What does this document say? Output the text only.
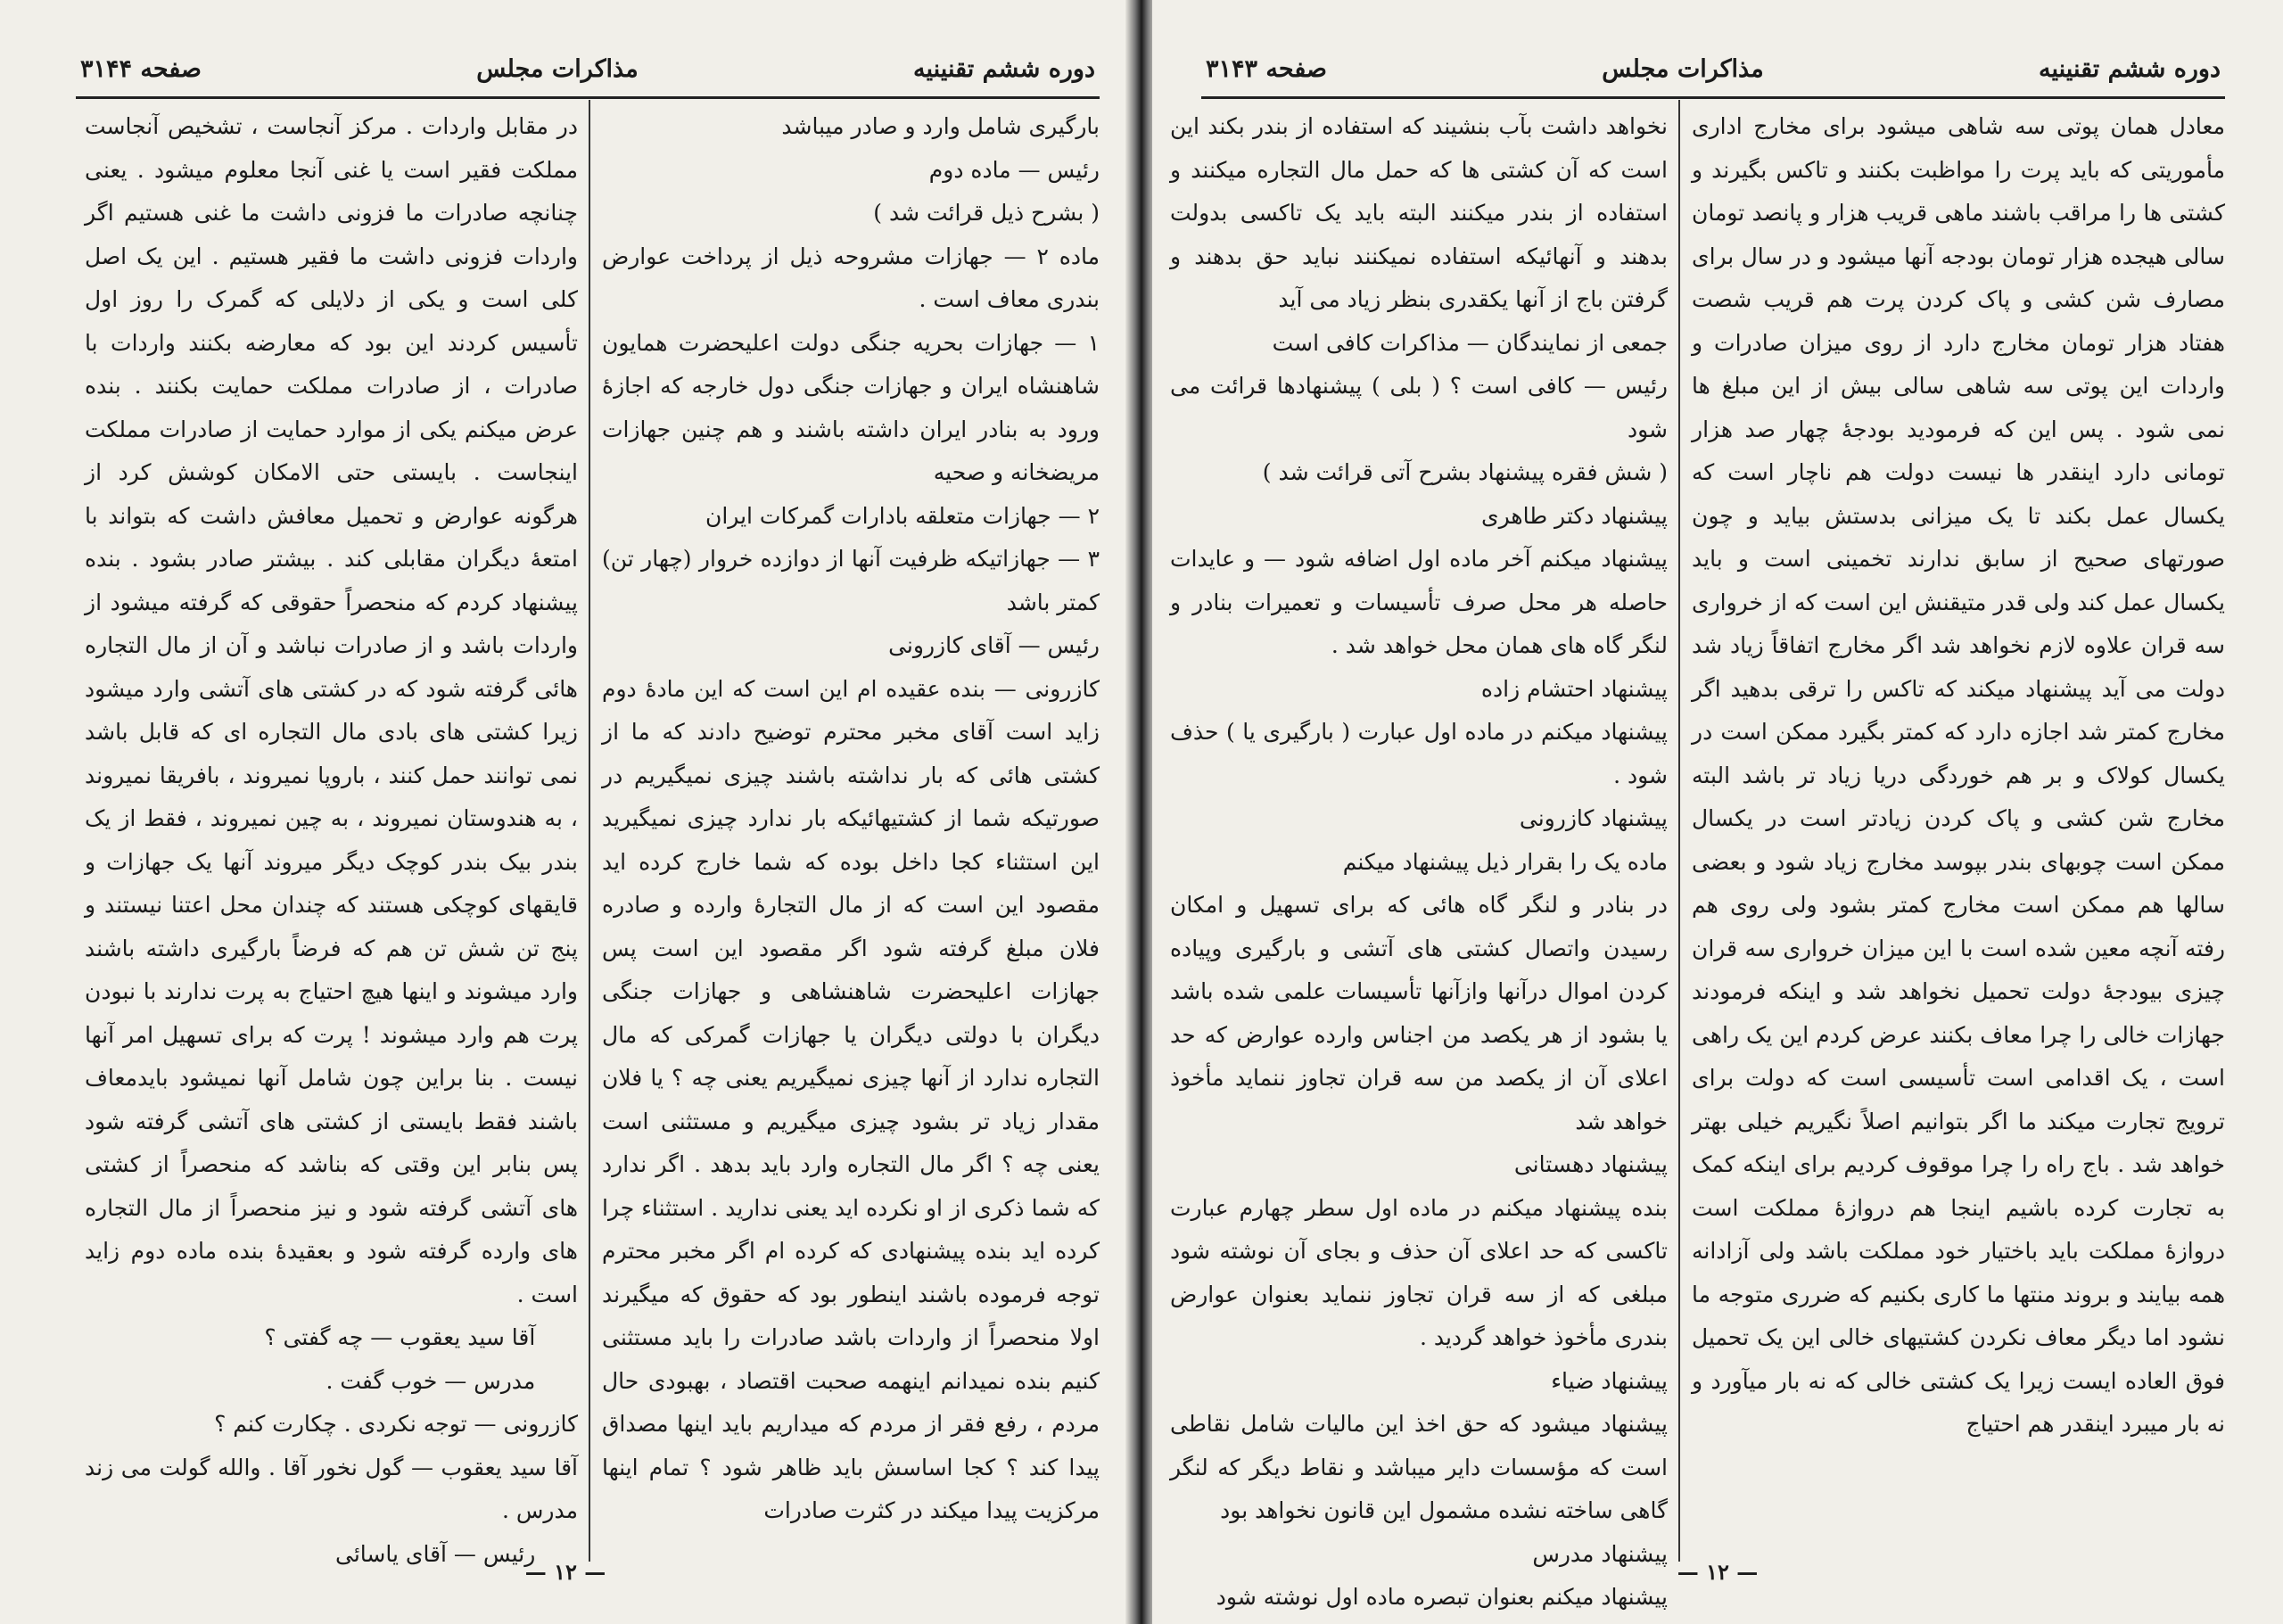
دوره ششم تقنینیه
مذاکرات مجلس
صفحه ۳۱۴۴
بارگیری شامل وارد و صادر میباشد
رئیس — ماده دوم
( بشرح ذیل قرائت شد )
ماده ۲ — جهازات مشروحه ذیل از پرداخت عوارض بندری معاف است .
۱ — جهازات بحریه جنگی دولت اعلیحضرت همایون شاهنشاه ایران و جهازات جنگی دول خارجه که اجازهٔ ورود به بنادر ایران داشته باشند و هم چنین جهازات مریضخانه و صحیه
۲ — جهازات متعلقه بادارات گمرکات ایران
۳ — جهازاتیکه ظرفیت آنها از دوازده خروار (چهار تن) کمتر باشد
رئیس — آقای کازرونی
کازرونی — بنده عقیده ام این است که این مادهٔ دوم زاید است آقای مخبر محترم توضیح دادند که ما از کشتی هائی که بار نداشته باشند چیزی نمیگیریم در صورتیکه شما از کشتیهائیکه بار ندارد چیزی نمیگیرید این استثناء کجا داخل بوده که شما خارج کرده اید مقصود این است که از مال التجارهٔ وارده و صادره فلان مبلغ گرفته شود اگر مقصود این است پس جهازات اعلیحضرت شاهنشاهی و جهازات جنگی دیگران با دولتی دیگران یا جهازات گمرکی که مال التجاره ندارد از آنها چیزی نمیگیریم یعنی چه ؟ یا فلان مقدار زیاد تر بشود چیزی میگیریم و مستثنی است یعنی چه ؟ اگر مال التجاره وارد باید بدهد . اگر ندارد که شما ذکری از او نکرده اید یعنی ندارید . استثناء چرا کرده اید بنده پیشنهادی که کرده ام اگر مخبر محترم توجه فرموده باشند اینطور بود که حقوق که میگیرند اولا منحصراً از واردات باشد صادرات را باید مستثنی کنیم بنده نمیدانم اینهمه صحبت اقتصاد ، بهبودی حال مردم ، رفع فقر از مردم که میداریم باید اینها مصداق پیدا کند ؟ کجا اساسش باید ظاهر شود ؟ تمام اینها مرکزیت پیدا میکند در کثرت صادرات
در مقابل واردات . مرکز آنجاست ، تشخیص آنجاست مملکت فقیر است یا غنی آنجا معلوم میشود . یعنی چنانچه صادرات ما فزونی داشت ما غنی هستیم اگر واردات فزونی داشت ما فقیر هستیم . این یک اصل کلی است و یکی از دلایلی که گمرک را روز اول تأسیس کردند این بود که معارضه بکنند واردات با صادرات ، از صادرات مملکت حمایت بکنند . بنده عرض میکنم یکی از موارد حمایت از صادرات مملکت اینجاست . بایستی حتی الامکان کوشش کرد از هرگونه عوارض و تحمیل معافش داشت که بتواند با امتعهٔ دیگران مقابلی کند . بیشتر صادر بشود . بنده پیشنهاد کردم که منحصراً حقوقی که گرفته میشود از واردات باشد و از صادرات نباشد و آن از مال التجاره هائی گرفته شود که در کشتی های آتشی وارد میشود زیرا کشتی های بادی مال التجاره ای که قابل باشد نمی توانند حمل کنند ، باروپا نمیروند ، بافریقا نمیروند ، به هندوستان نمیروند ، به چین نمیروند ، فقط از یک بندر بیک بندر کوچک دیگر میروند آنها یک جهازات و قایقهای کوچکی هستند که چندان محل اعتنا نیستند و پنج تن شش تن هم که فرضاً بارگیری داشته باشند وارد میشوند و اینها هیچ احتیاج به پرت ندارند با نبودن پرت هم وارد میشوند ! پرت که برای تسهیل امر آنها نیست . بنا براین چون شامل آنها نمیشود بایدمعاف باشند فقط بایستی از کشتی های آتشی گرفته شود پس بنابر این وقتی که بناشد که منحصراً از کشتی های آتشی گرفته شود و نیز منحصراً از مال التجاره های وارده گرفته شود و بعقیدهٔ بنده ماده دوم زاید است .
آقا سید یعقوب — چه گفتی ؟
مدرس — خوب گفت .
کازرونی — توجه نکردی . چکارت کنم ؟
آقا سید یعقوب — گول نخور آقا . والله گولت می زند مدرس .
رئیس — آقای یاسائی
— ۱۲ —
دوره ششم تقنینیه
مذاکرات مجلس
صفحه ۳۱۴۳
معادل همان پوتی سه شاهی میشود برای مخارج اداری مأموریتی که باید پرت را مواظبت بکنند و تاکس بگیرند و کشتی ها را مراقب باشند ماهی قریب هزار و پانصد تومان سالی هیجده هزار تومان بودجه آنها میشود و در سال برای مصارف شن کشی و پاک کردن پرت هم قریب شصت هفتاد هزار تومان مخارج دارد از روی میزان صادرات و واردات این پوتی سه شاهی سالی بیش از این مبلغ ها نمی شود . پس این که فرمودید بودجهٔ چهار صد هزار تومانی دارد اینقدر ها نیست دولت هم ناچار است که یکسال عمل بکند تا یک میزانی بدستش بیاید و چون صورتهای صحیح از سابق ندارند تخمینی است و باید یکسال عمل کند ولی قدر متیقنش این است که از خرواری سه قران علاوه لازم نخواهد شد اگر مخارج اتفاقاً زیاد شد دولت می آید پیشنهاد میکند که تاکس را ترقی بدهید اگر مخارج کمتر شد اجازه دارد که کمتر بگیرد ممکن است در یکسال کولاک و بر هم خوردگی دریا زیاد تر باشد البته مخارج شن کشی و پاک کردن زیادتر است در یکسال ممکن است چوبهای بندر بپوسد مخارج زیاد شود و بعضی سالها هم ممکن است مخارج کمتر بشود ولی روی هم رفته آنچه معین شده است با این میزان خرواری سه قران چیزی بیودجهٔ دولت تحمیل نخواهد شد و اینکه فرمودند جهازات خالی را چرا معاف بکنند عرض کردم این یک راهی است ، یک اقدامی است تأسیسی است که دولت برای ترویج تجارت میکند ما اگر بتوانیم اصلاً نگیریم خیلی بهتر خواهد شد . باج راه را چرا موقوف کردیم برای اینکه کمک به تجارت کرده باشیم اینجا هم دروازهٔ مملکت است دروازهٔ مملکت باید باختیار خود مملکت باشد ولی آزادانه همه بیایند و بروند منتها ما کاری بکنیم که ضرری متوجه ما نشود اما دیگر معاف نکردن کشتیهای خالی این یک تحمیل فوق العاده ایست زیرا یک کشتی خالی که نه بار میآورد و نه بار میبرد اینقدر هم احتیاج
نخواهد داشت بآب بنشیند که استفاده از بندر بکند این است که آن کشتی ها که حمل مال التجاره میکنند و استفاده از بندر میکنند البته باید یک تاکسی بدولت بدهند و آنهائیکه استفاده نمیکنند نباید حق بدهند و گرفتن باج از آنها یکقدری بنظر زیاد می آید
جمعی از نمایندگان — مذاکرات کافی است
رئیس — کافی است ؟ ( بلی ) پیشنهادها قرائت می شود
( شش فقره پیشنهاد بشرح آتی قرائت شد )
پیشنهاد دکتر طاهری
پیشنهاد میکنم آخر ماده اول اضافه شود — و عایدات حاصله هر محل صرف تأسیسات و تعمیرات بنادر و لنگر گاه های همان محل خواهد شد .
پیشنهاد احتشام زاده
پیشنهاد میکنم در ماده اول عبارت ( بارگیری یا ) حذف شود .
پیشنهاد کازرونی
ماده یک را بقرار ذیل پیشنهاد میکنم
در بنادر و لنگر گاه هائی که برای تسهیل و امکان رسیدن واتصال کشتی های آتشی و بارگیری وپیاده کردن اموال درآنها وازآنها تأسیسات علمی شده باشد یا بشود از هر یکصد من اجناس وارده عوارض که حد اعلای آن از یکصد من سه قران تجاوز ننماید مأخوذ خواهد شد
پیشنهاد دهستانی
بنده پیشنهاد میکنم در ماده اول سطر چهارم عبارت تاکسی که حد اعلای آن حذف و بجای آن نوشته شود مبلغی که از سه قران تجاوز ننماید بعنوان عوارض بندری مأخوذ خواهد گردید .
پیشنهاد ضیاء
پیشنهاد میشود که حق اخذ این مالیات شامل نقاطی است که مؤسسات دایر میباشد و نقاط دیگر که لنگر گاهی ساخته نشده مشمول این قانون نخواهد بود
پیشنهاد مدرس
پیشنهاد میکنم بعنوان تبصره ماده اول نوشته شود
— ۱۲ —
